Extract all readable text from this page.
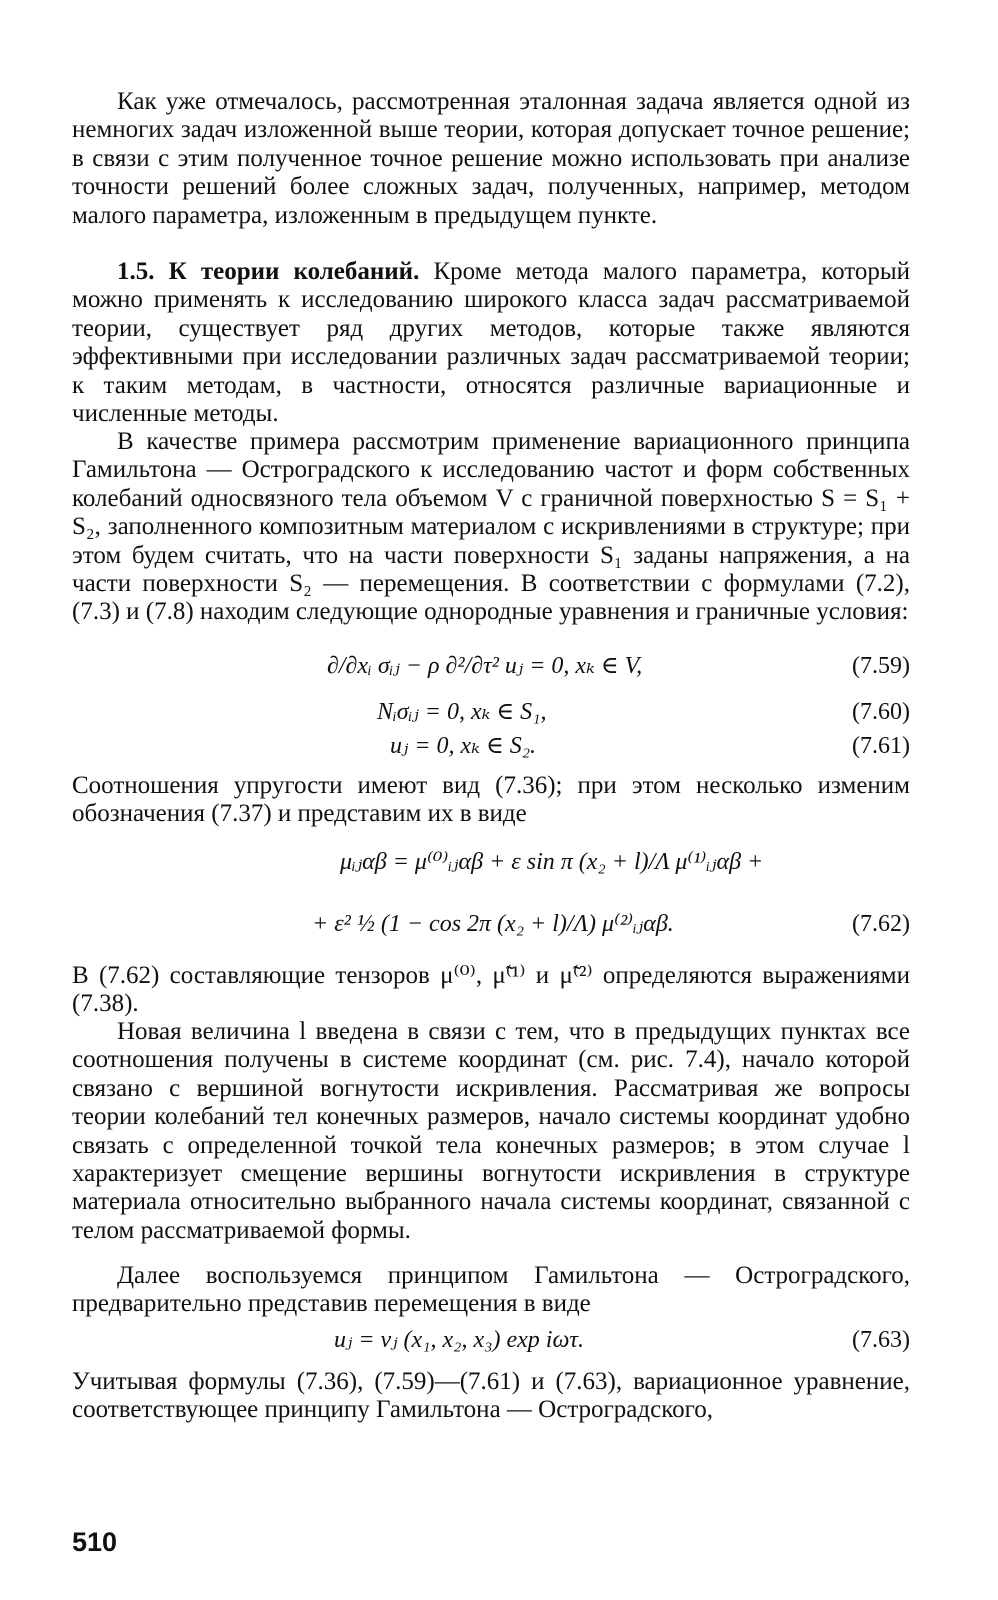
Как уже отмечалось, рассмотренная эталонная задача является одной из немногих задач изложенной выше теории, которая допускает точное решение; в связи с этим полученное точное решение можно использовать при анализе точности решений более сложных задач, полученных, например, методом малого параметра, изложенным в предыдущем пункте.

1.5. К теории колебаний. Кроме метода малого параметра, который можно применять к исследованию широкого класса задач рассматриваемой теории, существует ряд других методов, которые также являются эффективными при исследовании различных задач рассматриваемой теории; к таким методам, в частности, относятся различные вариационные и численные методы.

В качестве примера рассмотрим применение вариационного принципа Гамильтона — Остроградского к исследованию частот и форм собственных колебаний односвязного тела объемом V с граничной поверхностью S = S₁ + S₂, заполненного композитным материалом с искривлениями в структуре; при этом будем считать, что на части поверхности S₁ заданы напряжения, а на части поверхности S₂ — перемещения. В соответствии с формулами (7.2), (7.3) и (7.8) находим следующие однородные уравнения и граничные условия:

∂/∂xᵢ σᵢⱼ − ρ ∂²/∂τ² uⱼ = 0, xₖ ∈ V,	(7.59)
Nᵢσᵢⱼ = 0, xₖ ∈ S₁,	(7.60)
uⱼ = 0, xₖ ∈ S₂.	(7.61)

Соотношения упругости имеют вид (7.36); при этом несколько изменим обозначения (7.37) и представим их в виде

μᵢⱼαβ = μ⁽⁰⁾ᵢⱼαβ + ε sin π (x₂ + l)/Λ μ⁽¹⁾ᵢⱼαβ +
+ ε² ½ (1 − cos 2π (x₂ + l)/Λ) μ⁽²⁾ᵢⱼαβ.	(7.62)

В (7.62) составляющие тензоров μ⁽⁰⁾, μ̃⁽¹⁾ и μ̃⁽²⁾ определяются выражениями (7.38).

Новая величина l введена в связи с тем, что в предыдущих пунктах все соотношения получены в системе координат (см. рис. 7.4), начало которой связано с вершиной вогнутости искривления. Рассматривая же вопросы теории колебаний тел конечных размеров, начало системы координат удобно связать с определенной точкой тела конечных размеров; в этом случае l характеризует смещение вершины вогнутости искривления в структуре материала относительно выбранного начала системы координат, связанной с телом рассматриваемой формы.

Далее воспользуемся принципом Гамильтона — Остроградского, предварительно представив перемещения в виде

uⱼ = vⱼ (x₁, x₂, x₃) exp iωτ.	(7.63)

Учитывая формулы (7.36), (7.59)—(7.61) и (7.63), вариационное уравнение, соответствующее принципу Гамильтона — Остроградского,

510
